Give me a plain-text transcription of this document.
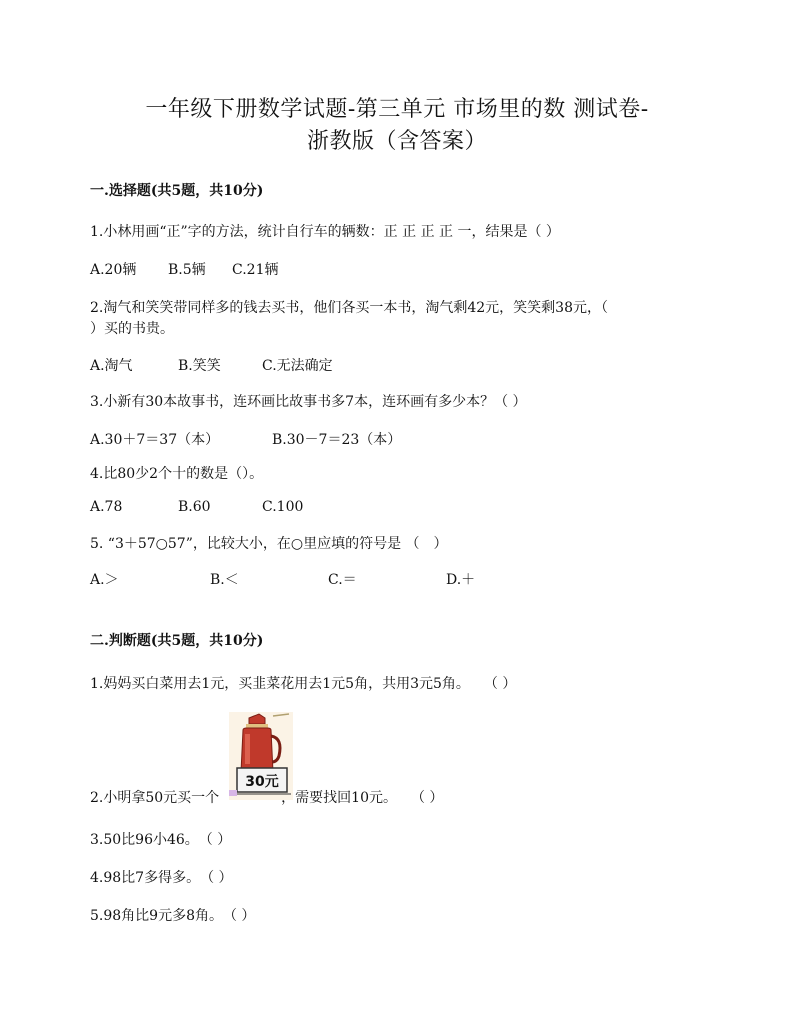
一年级下册数学试题-第三单元 市场里的数 测试卷-
浙教版（含答案）
一.选择题(共5题，共10分)
1.小林用画“正”字的方法，统计自行车的辆数：正 正 正 正 一，结果是（ ）
A.20辆 B.5辆 C.21辆
2.淘气和笑笑带同样多的钱去买书，他们各买一本书，淘气剩42元，笑笑剩38元，（
）买的书贵。
A.淘气	B.笑笑	C.无法确定
3.小新有30本故事书，连环画比故事书多7本，连环画有多少本？（ ）
A.30＋7＝37（本）	B.30－7＝23（本）
4.比80少2个十的数是（）。
A.78	B.60	C.100
5. “3＋57○57”，比较大小，在○里应填的符号是 （　）
A.＞	B.＜	C.＝	D.＋
二.判断题(共5题，共10分)
1.妈妈买白菜用去1元，买韭菜花用去1元5角，共用3元5角。　　（ ）
30元
2.小明拿50元买一个	，需要找回10元。　　（ ）
3.50比96小46。　（ ）
4.98比7多得多。　（ ）
5.98角比9元多8角。　（ ）
